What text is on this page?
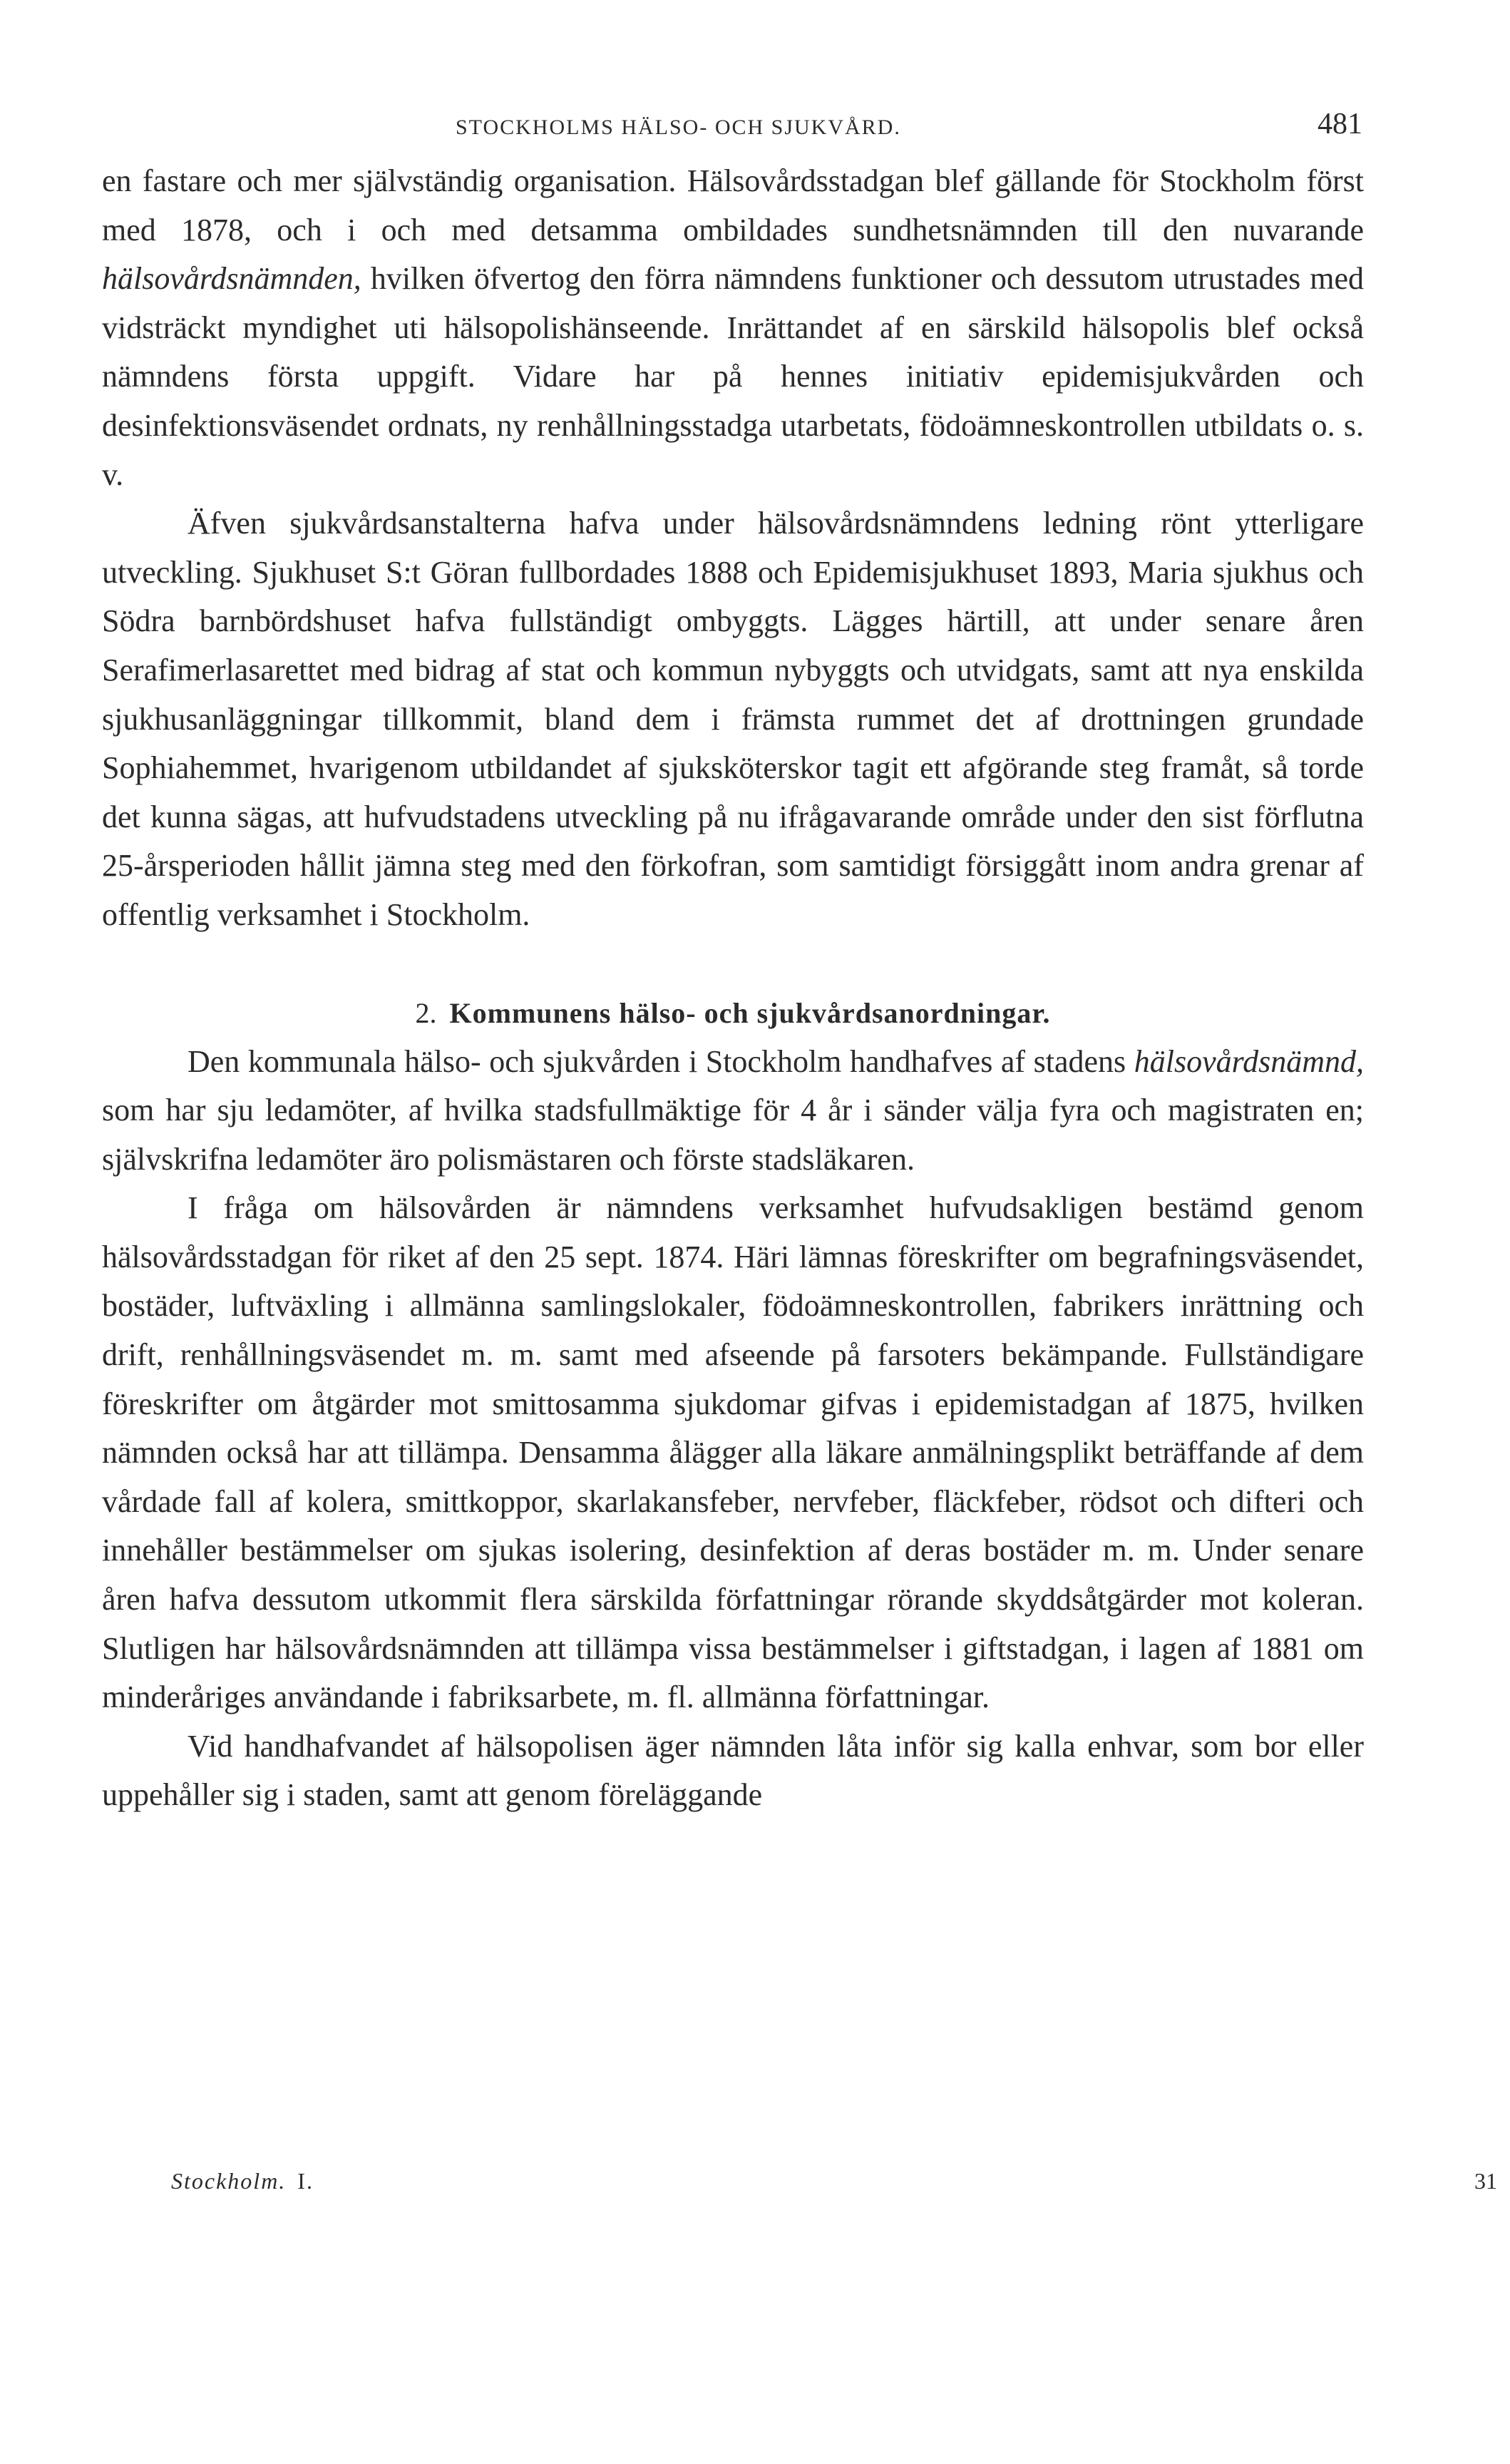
STOCKHOLMS HÄLSO- OCH SJUKVÅRD.	481

en fastare och mer självständig organisation. Hälsovårdsstadgan blef gällande för Stockholm först med 1878, och i och med detsamma ombildades sundhetsnämnden till den nuvarande hälsovårdsnämnden, hvilken öfvertog den förra nämndens funktioner och dessutom utrustades med vidsträckt myndighet uti hälsopolishänseende. Inrättandet af en särskild hälsopolis blef också nämndens första uppgift. Vidare har på hennes initiativ epidemisjukvården och desinfektionsväsendet ordnats, ny renhållningsstadga utarbetats, födoämneskontrollen utbildats o. s. v.

Äfven sjukvårdsanstalterna hafva under hälsovårdsnämndens ledning rönt ytterligare utveckling. Sjukhuset S:t Göran fullbordades 1888 och Epidemisjukhuset 1893, Maria sjukhus och Södra barnbördshuset hafva fullständigt ombyggts. Lägges härtill, att under senare åren Serafimerlasarettet med bidrag af stat och kommun nybyggts och utvidgats, samt att nya enskilda sjukhusanläggningar tillkommit, bland dem i främsta rummet det af drottningen grundade Sophiahemmet, hvarigenom utbildandet af sjuksköterskor tagit ett afgörande steg framåt, så torde det kunna sägas, att hufvudstadens utveckling på nu ifrågavarande område under den sist förflutna 25-årsperioden hållit jämna steg med den förkofran, som samtidigt försiggått inom andra grenar af offentlig verksamhet i Stockholm.

2. Kommunens hälso- och sjukvårdsanordningar.

Den kommunala hälso- och sjukvården i Stockholm handhafves af stadens hälsovårdsnämnd, som har sju ledamöter, af hvilka stadsfullmäktige för 4 år i sänder välja fyra och magistraten en; självskrifna ledamöter äro polismästaren och förste stadsläkaren.

I fråga om hälsovården är nämndens verksamhet hufvudsakligen bestämd genom hälsovårdsstadgan för riket af den 25 sept. 1874. Häri lämnas föreskrifter om begrafningsväsendet, bostäder, luftväxling i allmänna samlingslokaler, födoämneskontrollen, fabrikers inrättning och drift, renhållningsväsendet m. m. samt med afseende på farsoters bekämpande. Fullständigare föreskrifter om åtgärder mot smittosamma sjukdomar gifvas i epidemistadgan af 1875, hvilken nämnden också har att tillämpa. Densamma ålägger alla läkare anmälningsplikt beträffande af dem vårdade fall af kolera, smittkoppor, skarlakansfeber, nervfeber, fläckfeber, rödsot och difteri och innehåller bestämmelser om sjukas isolering, desinfektion af deras bostäder m. m. Under senare åren hafva dessutom utkommit flera särskilda författningar rörande skyddsåtgärder mot koleran. Slutligen har hälsovårdsnämnden att tillämpa vissa bestämmelser i giftstadgan, i lagen af 1881 om minderåriges användande i fabriksarbete, m. fl. allmänna författningar.

Vid handhafvandet af hälsopolisen äger nämnden låta inför sig kalla enhvar, som bor eller uppehåller sig i staden, samt att genom föreläggande

Stockholm. I.	31
